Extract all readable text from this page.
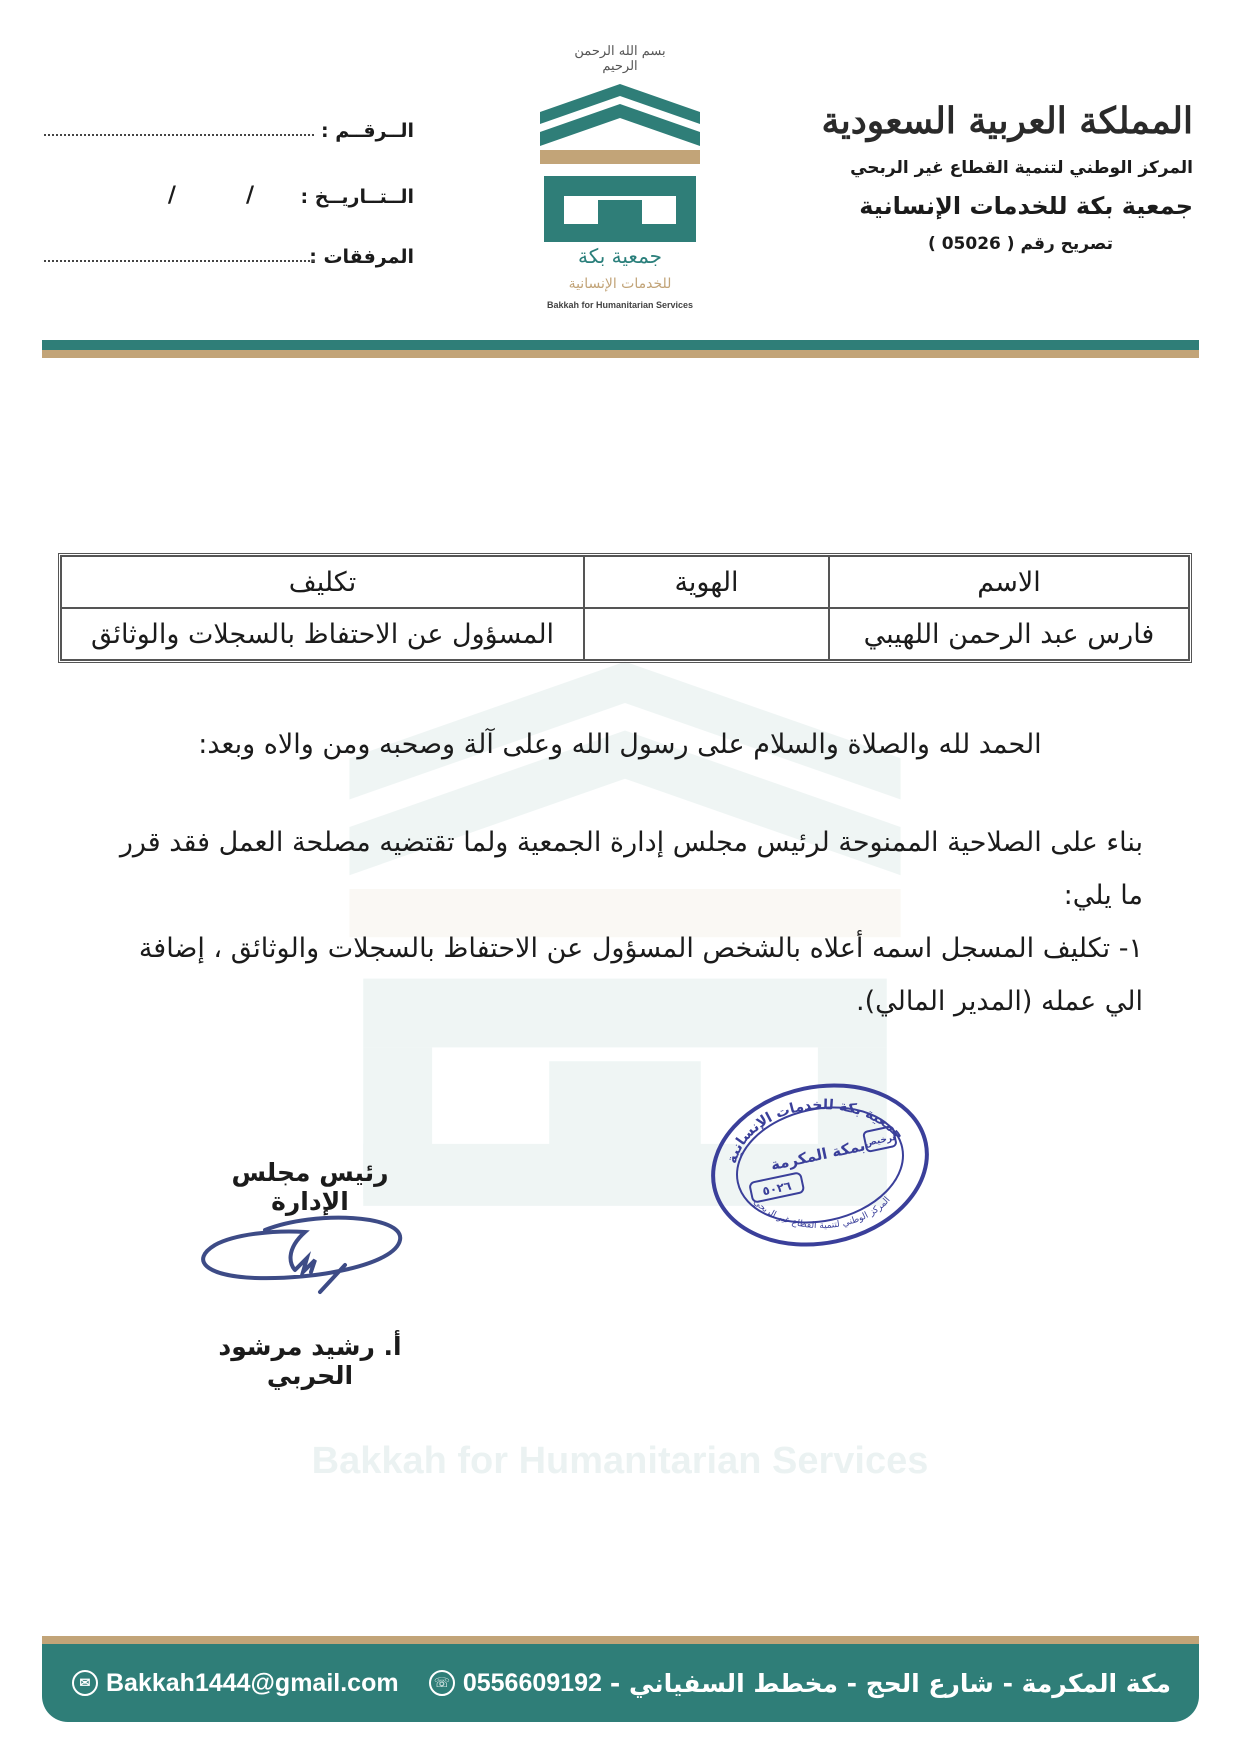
المملكة العربية السعودية
المركز الوطني لتنمية القطاع غير الربحي
جمعية بكة للخدمات الإنسانية
تصريح رقم ( 05026 )
الــرقــم :
الــتــاريــخ :
/
/
المرفقات :
بسم الله الرحمن الرحيم
جمعية بكة
للخدمات الإنسانية
Bakkah for Humanitarian Services
Bakkah for Humanitarian Services
الاسم	الهوية	تكليف
فارس عبد الرحمن اللهيبي		المسؤول عن الاحتفاظ بالسجلات والوثائق
الحمد لله والصلاة والسلام على رسول الله وعلى آلة وصحبه ومن والاه وبعد:
بناء على الصلاحية الممنوحة لرئيس مجلس إدارة الجمعية ولما تقتضيه مصلحة العمل فقد قرر ما يلي:
١- تكليف المسجل اسمه أعلاه بالشخص المسؤول عن الاحتفاظ بالسجلات والوثائق ، إضافة الي عمله (المدير المالي).
رئيس مجلس الإدارة
أ. رشيد مرشود الحربي
جمعية بكة للخدمات الإنسانية
المركز الوطني لتنمية القطاع غير الربحي
بمكة المكرمة
٥٠٢٦
ترخيص
✉ Bakkah1444@gmail.com	مكة المكرمة - شارع الحج - مخطط السفياني -
0556609192
☏
